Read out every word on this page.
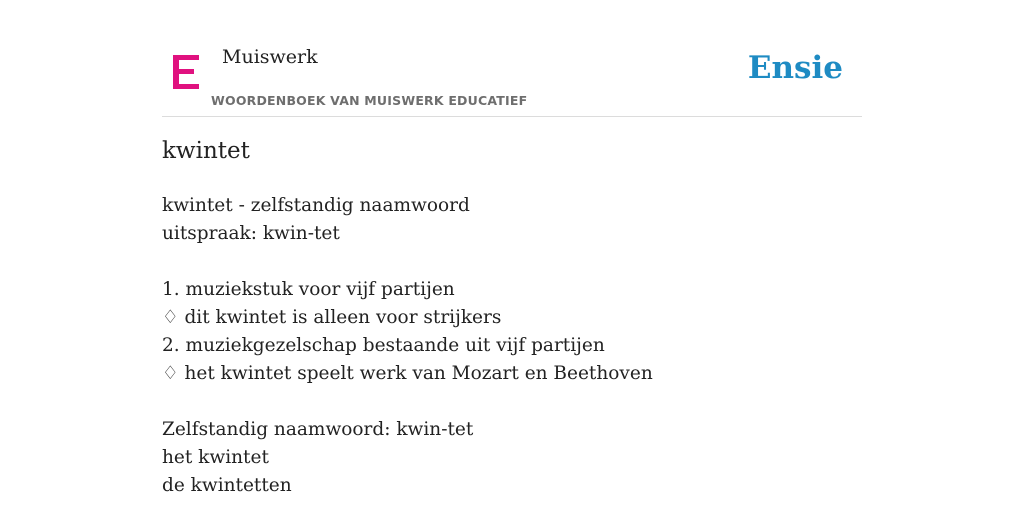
Muiswerk
WOORDENBOEK VAN MUISWERK EDUCATIEF
Ensie
kwintet
kwintet - zelfstandig naamwoord
uitspraak: kwin-tet
1. muziekstuk voor vijf partijen
♢ dit kwintet is alleen voor strijkers
2. muziekgezelschap bestaande uit vijf partijen
♢ het kwintet speelt werk van Mozart en Beethoven
Zelfstandig naamwoord: kwin-tet
het kwintet
de kwintetten
